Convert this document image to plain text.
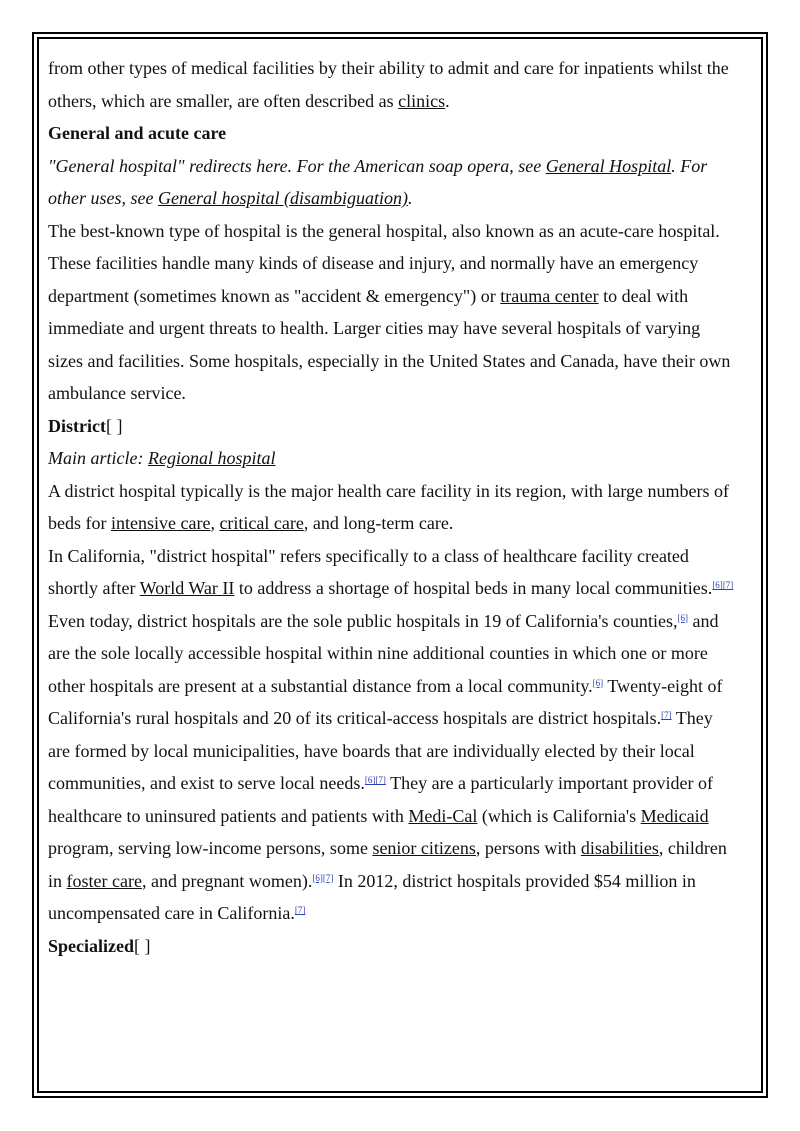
from other types of medical facilities by their ability to admit and care for inpatients whilst the others, which are smaller, are often described as clinics.

General and acute care

"General hospital" redirects here. For the American soap opera, see General Hospital. For other uses, see General hospital (disambiguation).

The best-known type of hospital is the general hospital, also known as an acute-care hospital. These facilities handle many kinds of disease and injury, and normally have an emergency department (sometimes known as "accident & emergency") or trauma center to deal with immediate and urgent threats to health. Larger cities may have several hospitals of varying sizes and facilities. Some hospitals, especially in the United States and Canada, have their own ambulance service.

District[ ]

Main article: Regional hospital

A district hospital typically is the major health care facility in its region, with large numbers of beds for intensive care, critical care, and long-term care.

In California, "district hospital" refers specifically to a class of healthcare facility created shortly after World War II to address a shortage of hospital beds in many local communities.[6][7] Even today, district hospitals are the sole public hospitals in 19 of California's counties,[6] and are the sole locally accessible hospital within nine additional counties in which one or more other hospitals are present at a substantial distance from a local community.[6] Twenty-eight of California's rural hospitals and 20 of its critical-access hospitals are district hospitals.[7] They are formed by local municipalities, have boards that are individually elected by their local communities, and exist to serve local needs.[6][7] They are a particularly important provider of healthcare to uninsured patients and patients with Medi-Cal (which is California's Medicaid program, serving low-income persons, some senior citizens, persons with disabilities, children in foster care, and pregnant women).[6][7] In 2012, district hospitals provided $54 million in uncompensated care in California.[7]

Specialized[ ]
